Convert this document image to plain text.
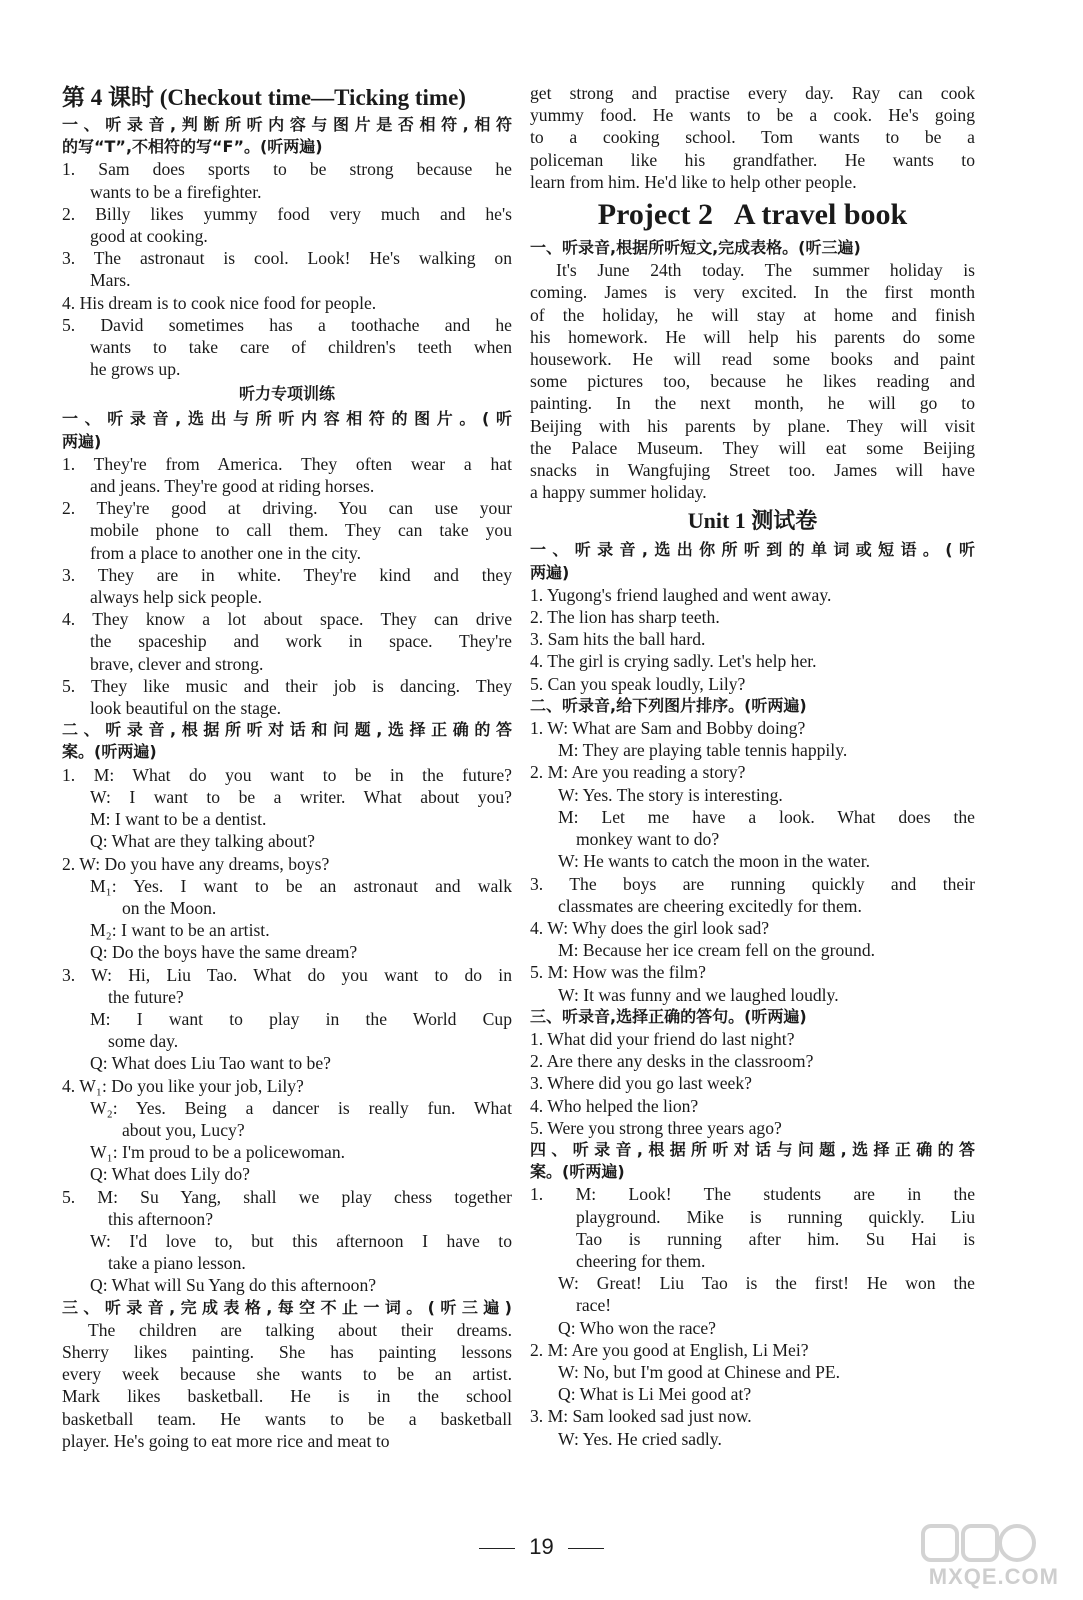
第 4 课时 (Checkout time—Ticking time)
一、听录音,判断所听内容与图片是否相符,相符
的写“T”,不相符的写“F”。(听两遍)
1. Sam does sports to be strong because he
wants to be a firefighter.
2. Billy likes yummy food very much and he's
good at cooking.
3. The astronaut is cool. Look! He's walking on
Mars.
4. His dream is to cook nice food for people.
5. David sometimes has a toothache and he
wants to take care of children's teeth when
he grows up.
听力专项训练
一、听录音,选出与所听内容相符的图片。(听
两遍)
1. They're from America. They often wear a hat
and jeans. They're good at riding horses.
2. They're good at driving. You can use your
mobile phone to call them. They can take you
from a place to another one in the city.
3. They are in white. They're kind and they
always help sick people.
4. They know a lot about space. They can drive
the spaceship and work in space. They're
brave, clever and strong.
5. They like music and their job is dancing. They
look beautiful on the stage.
二、听录音,根据所听对话和问题,选择正确的答
案。(听两遍)
1. M: What do you want to be in the future?
W: I want to be a writer. What about you?
M: I want to be a dentist.
Q: What are they talking about?
2. W: Do you have any dreams, boys?
M₁: Yes. I want to be an astronaut and walk
on the Moon.
M₂: I want to be an artist.
Q: Do the boys have the same dream?
3. W: Hi, Liu Tao. What do you want to do in
the future?
M: I want to play in the World Cup
some day.
Q: What does Liu Tao want to be?
4. W₁: Do you like your job, Lily?
W₂: Yes. Being a dancer is really fun. What
about you, Lucy?
W₁: I'm proud to be a policewoman.
Q: What does Lily do?
5. M: Su Yang, shall we play chess together
this afternoon?
W: I'd love to, but this afternoon I have to
take a piano lesson.
Q: What will Su Yang do this afternoon?
三、听录音,完成表格,每空不止一词。(听三遍)
The children are talking about their dreams.
Sherry likes painting. She has painting lessons
every week because she wants to be an artist.
Mark likes basketball. He is in the school
basketball team. He wants to be a basketball
player. He's going to eat more rice and meat to
get strong and practise every day. Ray can cook
yummy food. He wants to be a cook. He's going
to a cooking school. Tom wants to be a
policeman like his grandfather. He wants to
learn from him. He'd like to help other people.
Project 2   A travel book
一、听录音,根据所听短文,完成表格。(听三遍)
It's June 24th today. The summer holiday is
coming. James is very excited. In the first month
of the holiday, he will stay at home and finish
his homework. He will help his parents do some
housework. He will read some books and paint
some pictures too, because he likes reading and
painting. In the next month, he will go to
Beijing with his parents by plane. They will visit
the Palace Museum. They will eat some Beijing
snacks in Wangfujing Street too. James will have
a happy summer holiday.
Unit 1 测试卷
一、听录音,选出你所听到的单词或短语。(听
两遍)
1. Yugong's friend laughed and went away.
2. The lion has sharp teeth.
3. Sam hits the ball hard.
4. The girl is crying sadly. Let's help her.
5. Can you speak loudly, Lily?
二、听录音,给下列图片排序。(听两遍)
1. W: What are Sam and Bobby doing?
M: They are playing table tennis happily.
2. M: Are you reading a story?
W: Yes. The story is interesting.
M: Let me have a look. What does the
monkey want to do?
W: He wants to catch the moon in the water.
3. The boys are running quickly and their
classmates are cheering excitedly for them.
4. W: Why does the girl look sad?
M: Because her ice cream fell on the ground.
5. M: How was the film?
W: It was funny and we laughed loudly.
三、听录音,选择正确的答句。(听两遍)
1. What did your friend do last night?
2. Are there any desks in the classroom?
3. Where did you go last week?
4. Who helped the lion?
5. Were you strong three years ago?
四、听录音,根据所听对话与问题,选择正确的答
案。(听两遍)
1. M: Look! The students are in the
playground. Mike is running quickly. Liu
Tao is running after him. Su Hai is
cheering for them.
W: Great! Liu Tao is the first! He won the
race!
Q: Who won the race?
2. M: Are you good at English, Li Mei?
W: No, but I'm good at Chinese and PE.
Q: What is Li Mei good at?
3. M: Sam looked sad just now.
W: Yes. He cried sadly.
19
MXQE.COM
